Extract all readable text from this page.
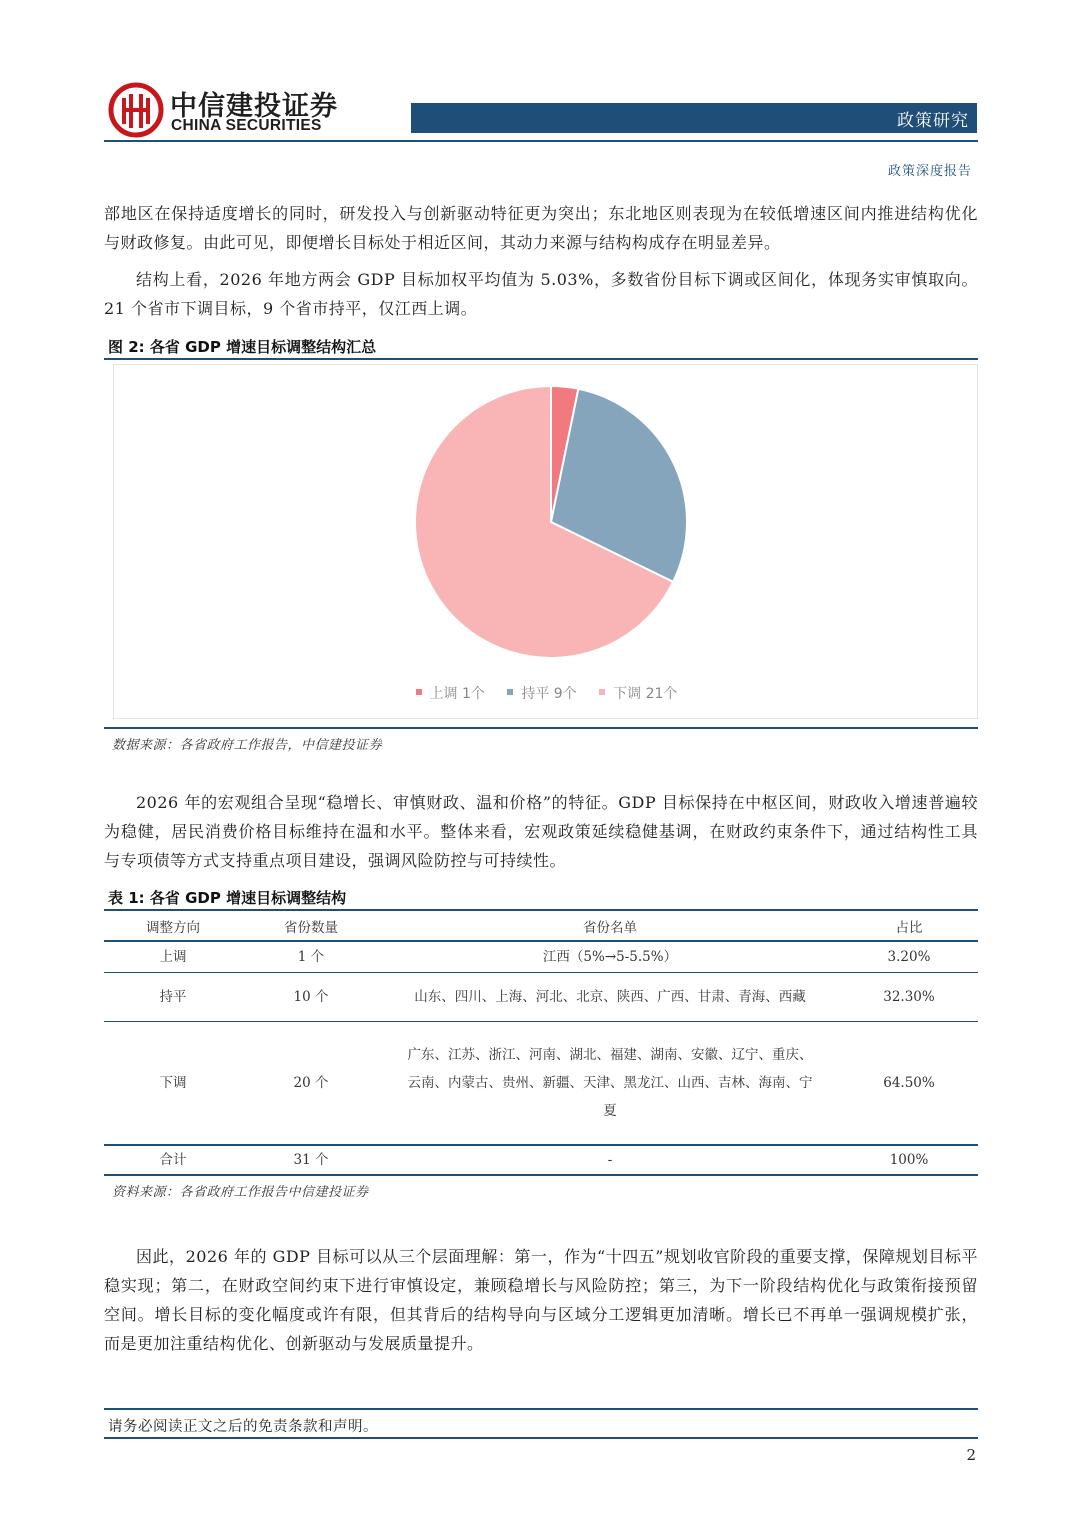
中信建投证券
CHINA SECURITIES	政策研究
政策深度报告

部地区在保持适度增长的同时，研发投入与创新驱动特征更为突出；东北地区则表现为在较低增速区间内推进结构优化与财政修复。由此可见，即便增长目标处于相近区间，其动力来源与结构构成存在明显差异。

结构上看，2026 年地方两会 GDP 目标加权平均值为 5.03%，多数省份目标下调或区间化，体现务实审慎取向。21 个省市下调目标，9 个省市持平，仅江西上调。

图 2: 各省 GDP 增速目标调整结构汇总
上调 1个	持平 9个	下调 21个
数据来源：各省政府工作报告，中信建投证券

2026 年的宏观组合呈现“稳增长、审慎财政、温和价格”的特征。GDP 目标保持在中枢区间，财政收入增速普遍较为稳健，居民消费价格目标维持在温和水平。整体来看，宏观政策延续稳健基调，在财政约束条件下，通过结构性工具与专项债等方式支持重点项目建设，强调风险防控与可持续性。

表 1: 各省 GDP 增速目标调整结构
调整方向	省份数量	省份名单	占比
上调	1 个	江西（5%→5-5.5%）	3.20%
持平	10 个	山东、四川、上海、河北、北京、陕西、广西、甘肃、青海、西藏	32.30%
下调	20 个	广东、江苏、浙江、河南、湖北、福建、湖南、安徽、辽宁、重庆、
云南、内蒙古、贵州、新疆、天津、黑龙江、山西、吉林、海南、宁
夏	64.50%
合计	31 个	-	100%
资料来源：各省政府工作报告中信建投证券

因此，2026 年的 GDP 目标可以从三个层面理解：第一，作为“十四五”规划收官阶段的重要支撑，保障规划目标平稳实现；第二，在财政空间约束下进行审慎设定，兼顾稳增长与风险防控；第三，为下一阶段结构优化与政策衔接预留空间。增长目标的变化幅度或许有限，但其背后的结构导向与区域分工逻辑更加清晰。增长已不再单一强调规模扩张，而是更加注重结构优化、创新驱动与发展质量提升。

请务必阅读正文之后的免责条款和声明。
2
